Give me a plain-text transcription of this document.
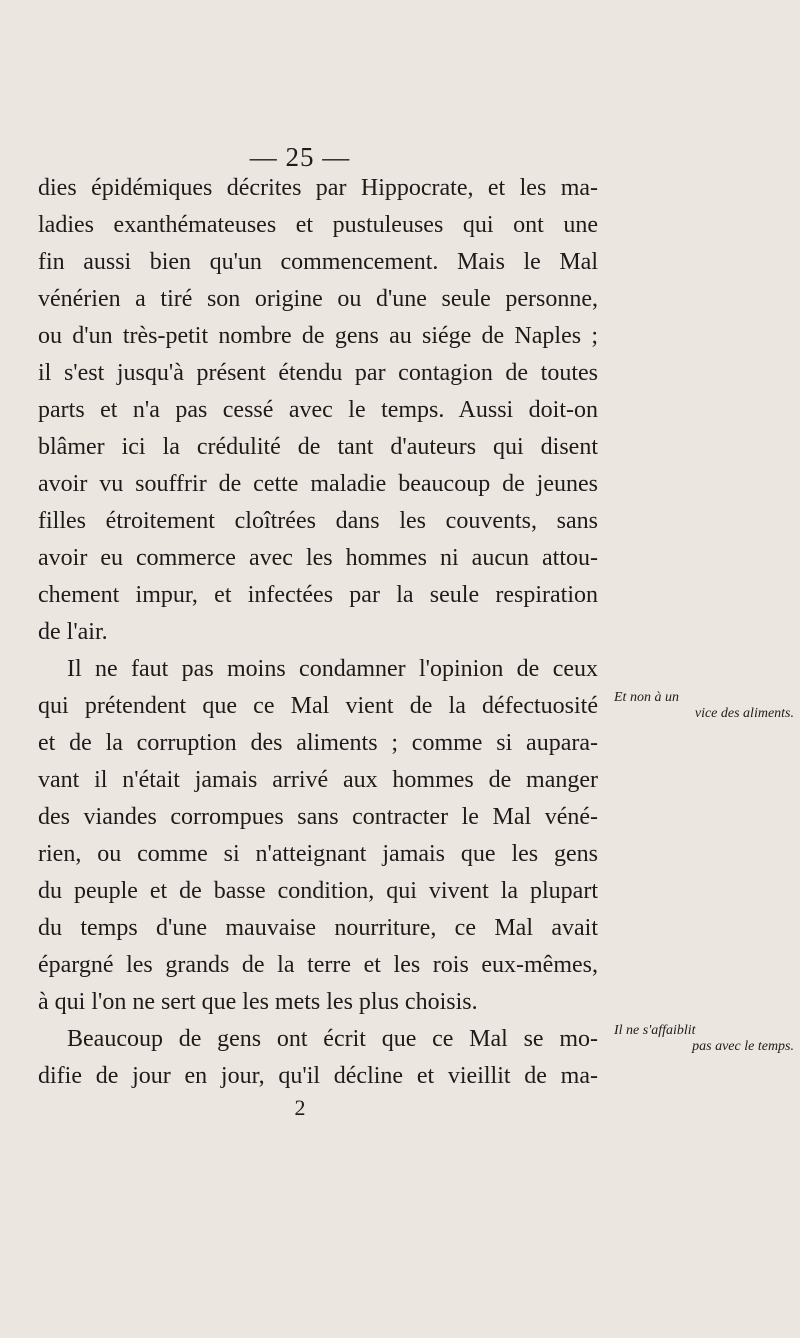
— 25 —
dies épidémiques décrites par Hippocrate, et les ma-
ladies exanthémateuses et pustuleuses qui ont une
fin aussi bien qu'un commencement. Mais le Mal
vénérien a tiré son origine ou d'une seule personne,
ou d'un très-petit nombre de gens au siége de Naples ;
il s'est jusqu'à présent étendu par contagion de toutes
parts et n'a pas cessé avec le temps. Aussi doit-on
blâmer ici la crédulité de tant d'auteurs qui disent
avoir vu souffrir de cette maladie beaucoup de jeunes
filles étroitement cloîtrées dans les couvents, sans
avoir eu commerce avec les hommes ni aucun attou-
chement impur, et infectées par la seule respiration
de l'air.
Il ne faut pas moins condamner l'opinion de ceux
qui prétendent que ce Mal vient de la défectuosité
et de la corruption des aliments ; comme si aupara-
vant il n'était jamais arrivé aux hommes de manger
des viandes corrompues sans contracter le Mal véné-
rien, ou comme si n'atteignant jamais que les gens
du peuple et de basse condition, qui vivent la plupart
du temps d'une mauvaise nourriture, ce Mal avait
épargné les grands de la terre et les rois eux-mêmes,
à qui l'on ne sert que les mets les plus choisis.
Beaucoup de gens ont écrit que ce Mal se mo-
difie de jour en jour, qu'il décline et vieillit de ma-
Et non à un
vice des aliments.
Il ne s'affaiblit
pas avec le temps.
2
